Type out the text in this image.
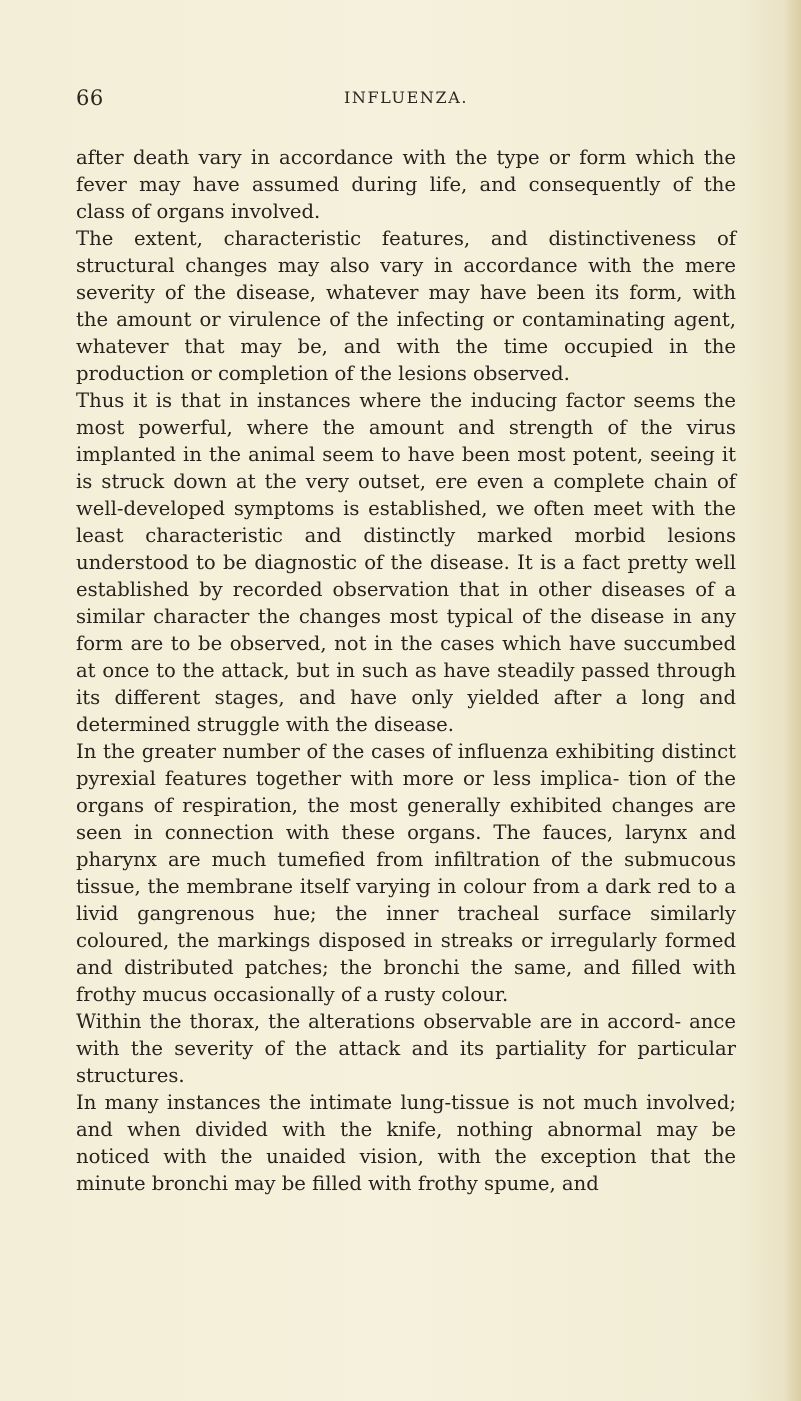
66	INFLUENZA.

after death vary in accordance with the type or form which the fever may have assumed during life, and consequently of the class of organs involved.

The extent, characteristic features, and distinctiveness of structural changes may also vary in accordance with the mere severity of the disease, whatever may have been its form, with the amount or virulence of the infecting or contaminating agent, whatever that may be, and with the time occupied in the production or completion of the lesions observed.

Thus it is that in instances where the inducing factor seems the most powerful, where the amount and strength of the virus implanted in the animal seem to have been most potent, seeing it is struck down at the very outset, ere even a complete chain of well-developed symptoms is established, we often meet with the least characteristic and distinctly marked morbid lesions understood to be diagnostic of the disease. It is a fact pretty well established by recorded observation that in other diseases of a similar character the changes most typical of the disease in any form are to be observed, not in the cases which have succumbed at once to the attack, but in such as have steadily passed through its different stages, and have only yielded after a long and determined struggle with the disease.

In the greater number of the cases of influenza exhibiting distinct pyrexial features together with more or less implica- tion of the organs of respiration, the most generally exhibited changes are seen in connection with these organs. The fauces, larynx and pharynx are much tumefied from infiltration of the submucous tissue, the membrane itself varying in colour from a dark red to a livid gangrenous hue; the inner tracheal surface similarly coloured, the markings disposed in streaks or irregularly formed and distributed patches; the bronchi the same, and filled with frothy mucus occasionally of a rusty colour.

Within the thorax, the alterations observable are in accord- ance with the severity of the attack and its partiality for particular structures.

In many instances the intimate lung-tissue is not much involved; and when divided with the knife, nothing abnormal may be noticed with the unaided vision, with the exception that the minute bronchi may be filled with frothy spume, and
